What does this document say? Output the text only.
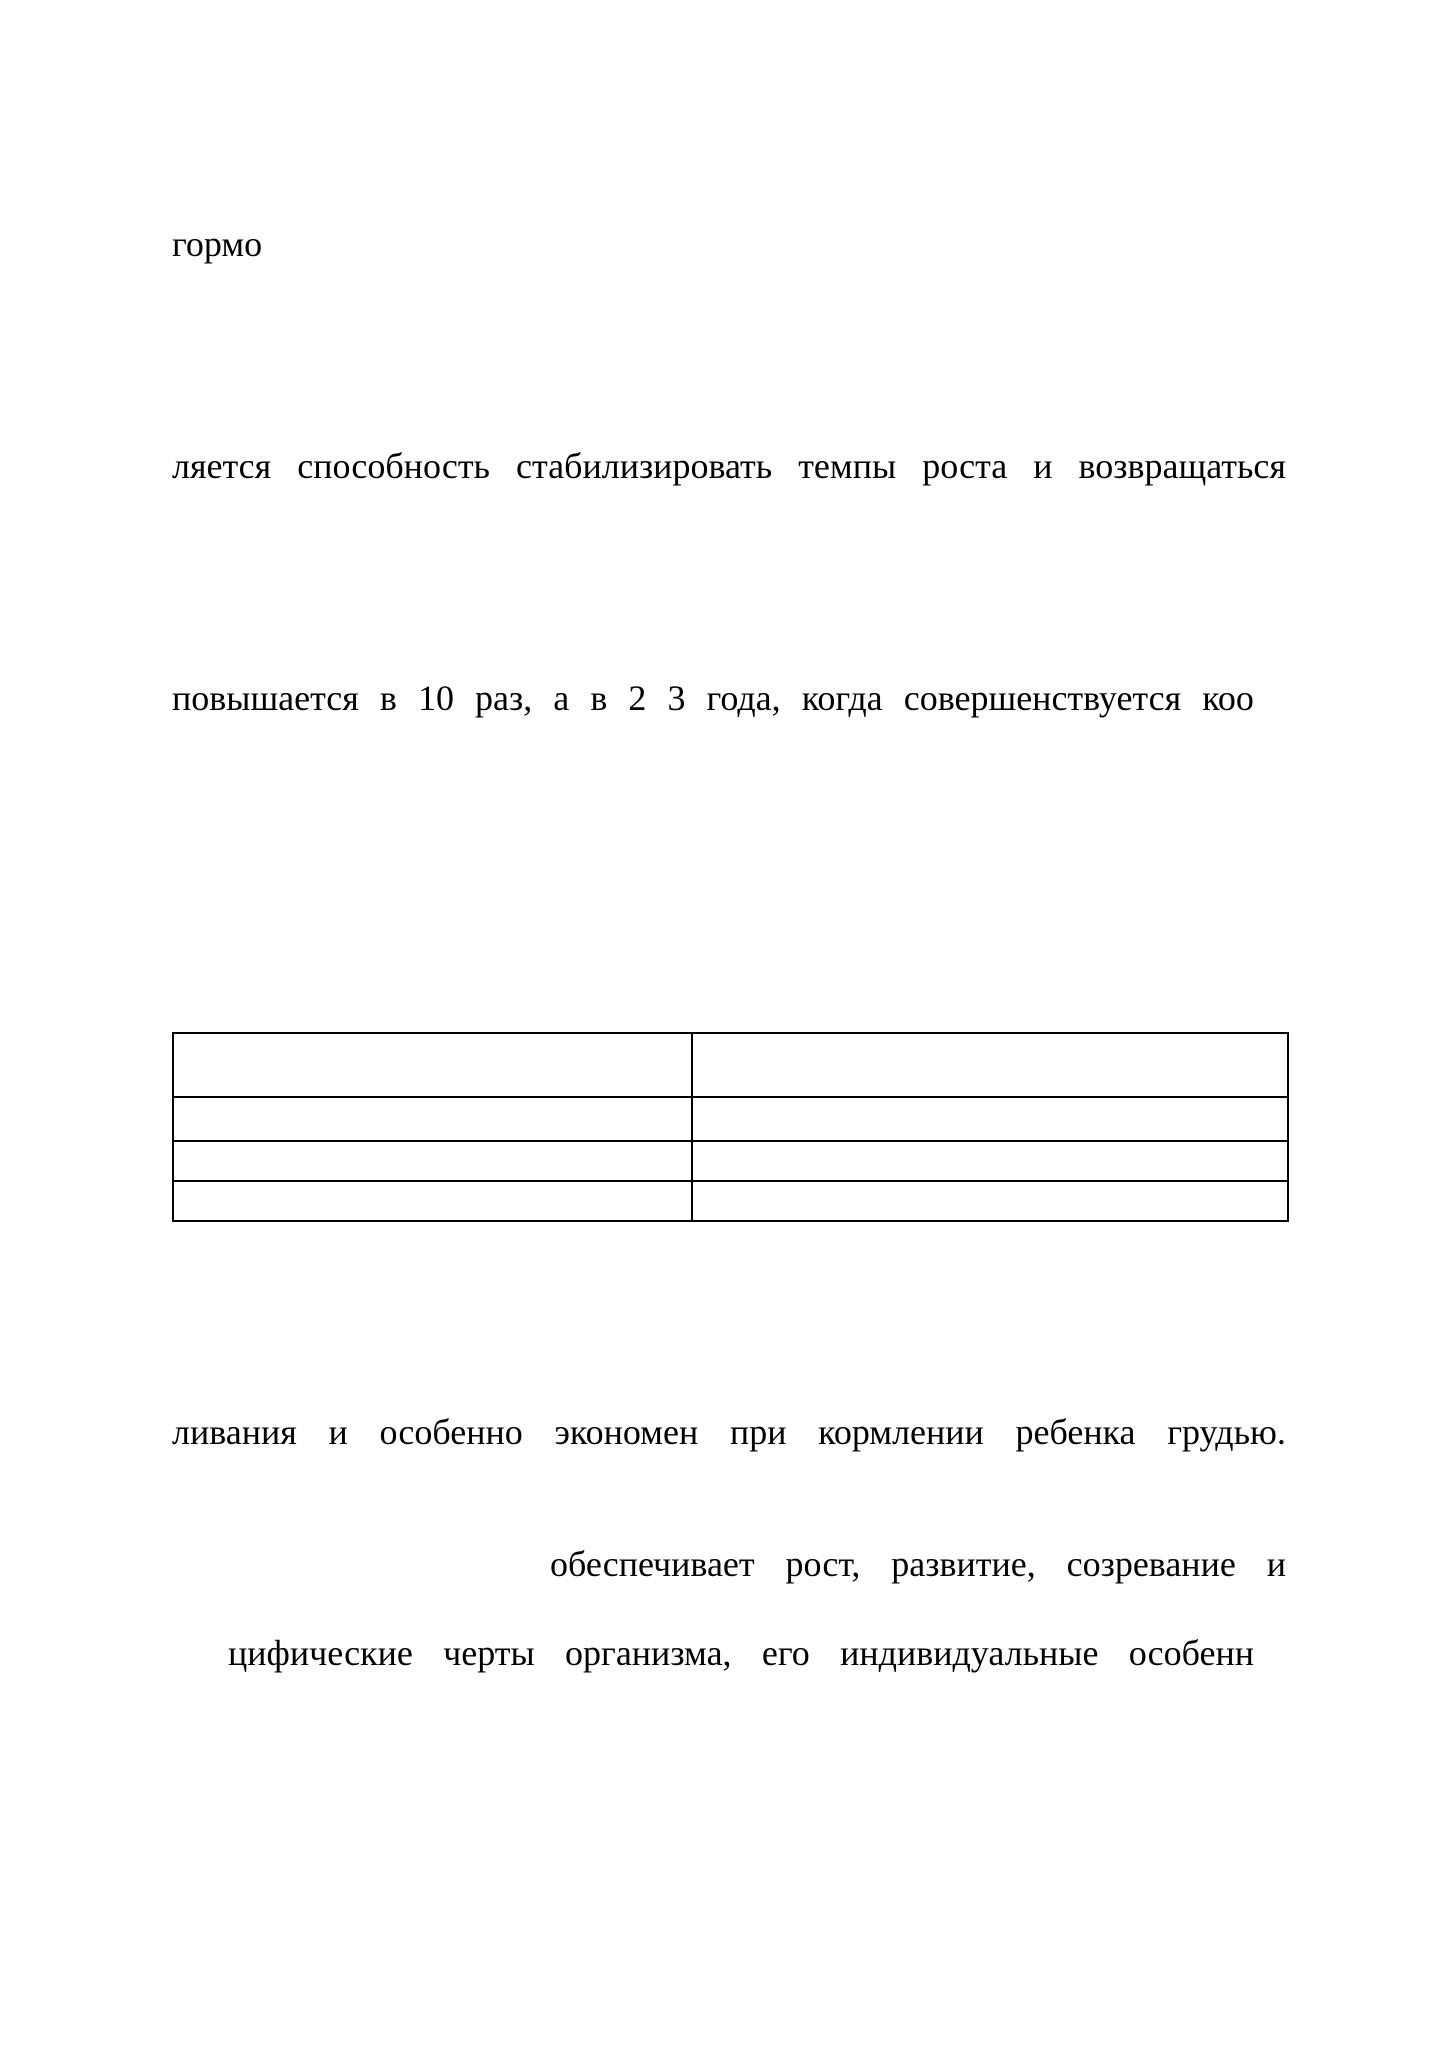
гормо

ляется способность стабилизировать темпы роста и возвращаться

повышается в 10 раз, а в 2 3 года, когда совершенствуется коо

ливания и особенно экономен при кормлении ребенка грудью.

обеспечивает рост, развитие, созревание и

цифические черты организма, его индивидуальные особенн
